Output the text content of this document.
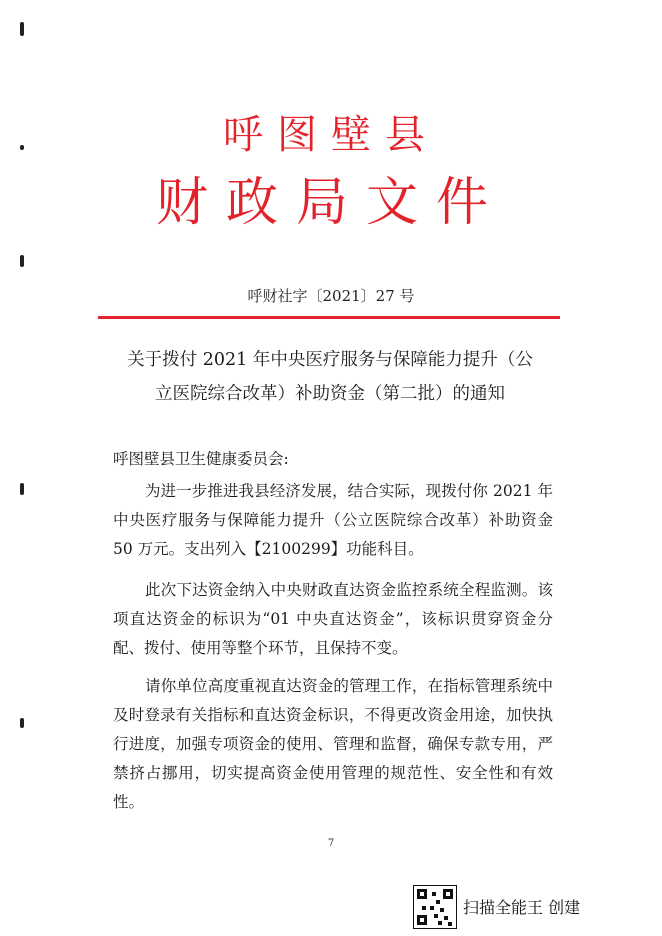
呼图壁县
财政局文件
呼财社字〔2021〕27 号
关于拨付 2021 年中央医疗服务与保障能力提升（公
立医院综合改革）补助资金（第二批）的通知
呼图壁县卫生健康委员会:
为进一步推进我县经济发展，结合实际，现拨付你 2021 年中央医疗服务与保障能力提升（公立医院综合改革）补助资金 50 万元。支出列入【2100299】功能科目。
此次下达资金纳入中央财政直达资金监控系统全程监测。该项直达资金的标识为“01 中央直达资金”，该标识贯穿资金分配、拨付、使用等整个环节，且保持不变。
请你单位高度重视直达资金的管理工作，在指标管理系统中及时登录有关指标和直达资金标识，不得更改资金用途，加快执行进度，加强专项资金的使用、管理和监督，确保专款专用，严禁挤占挪用，切实提高资金使用管理的规范性、安全性和有效性。
7
扫描全能王 创建
